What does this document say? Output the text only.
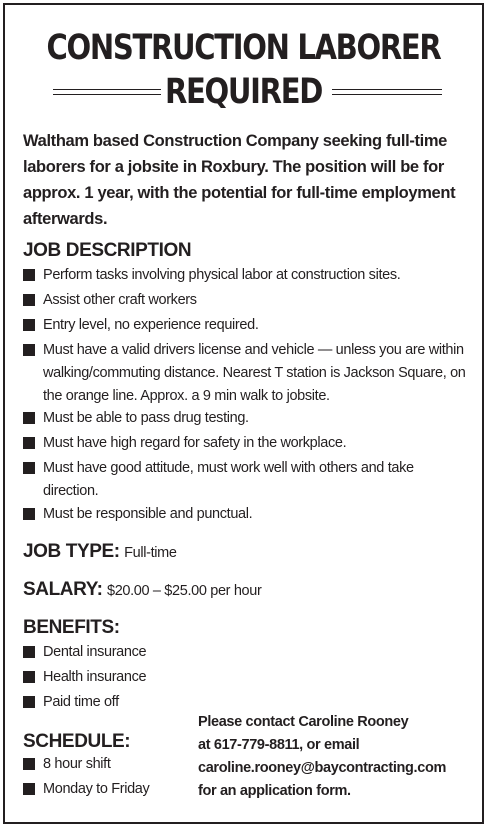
CONSTRUCTION LABORER
REQUIRED
Waltham based Construction Company seeking full-time laborers for a jobsite in Roxbury. The position will be for approx. 1 year, with the potential for full-time employment afterwards.
JOB DESCRIPTION
Perform tasks involving physical labor at construction sites.
Assist other craft workers
Entry level, no experience required.
Must have a valid drivers license and vehicle — unless you are within walking/commuting distance. Nearest T station is Jackson Square, on the orange line. Approx. a 9 min walk to jobsite.
Must be able to pass drug testing.
Must have high regard for safety in the workplace.
Must have good attitude, must work well with others and take direction.
Must be responsible and punctual.
JOB TYPE: Full-time
SALARY: $20.00 – $25.00 per hour
BENEFITS:
Dental insurance
Health insurance
Paid time off
SCHEDULE:
8 hour shift
Monday to Friday
Please contact Caroline Rooney
at 617-779-8811, or email
caroline.rooney@baycontracting.com
for an application form.
